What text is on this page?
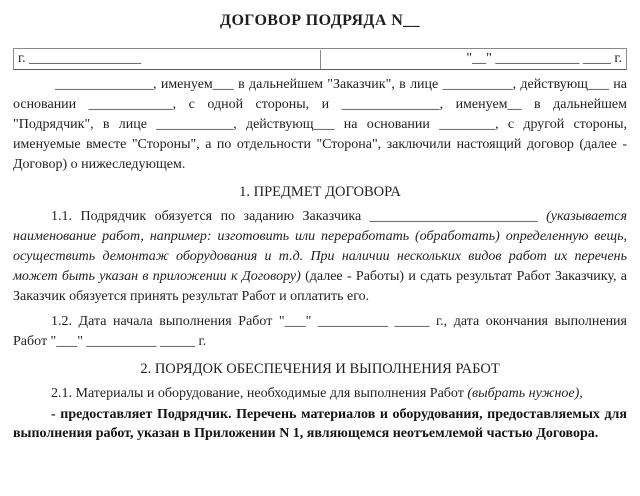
ДОГОВОР ПОДРЯДА N__
г. ________________	"__" ____________ ____ г.

______________, именуем___ в дальнейшем "Заказчик", в лице __________, действующ___ на основании ____________, с одной стороны, и ______________, именуем__ в дальнейшем "Подрядчик", в лице ___________, действующ___ на основании ________, с другой стороны, именуемые вместе "Стороны", а по отдельности "Сторона", заключили настоящий договор (далее - Договор) о нижеследующем.

1. ПРЕДМЕТ ДОГОВОРА

1.1. Подрядчик обязуется по заданию Заказчика ________________________ (указывается наименование работ, например: изготовить или переработать (обработать) определенную вещь, осуществить демонтаж оборудования и т.д. При наличии нескольких видов работ их перечень может быть указан в приложении к Договору) (далее - Работы) и сдать результат Работ Заказчику, а Заказчик обязуется принять результат Работ и оплатить его.

1.2. Дата начала выполнения Работ "___" __________ _____ г., дата окончания выполнения Работ "___" __________ _____ г.

2. ПОРЯДОК ОБЕСПЕЧЕНИЯ И ВЫПОЛНЕНИЯ РАБОТ

2.1. Материалы и оборудование, необходимые для выполнения Работ (выбрать нужное),

- предоставляет Подрядчик. Перечень материалов и оборудования, предоставляемых для выполнения работ, указан в Приложении N 1, являющемся неотъемлемой частью Договора.
